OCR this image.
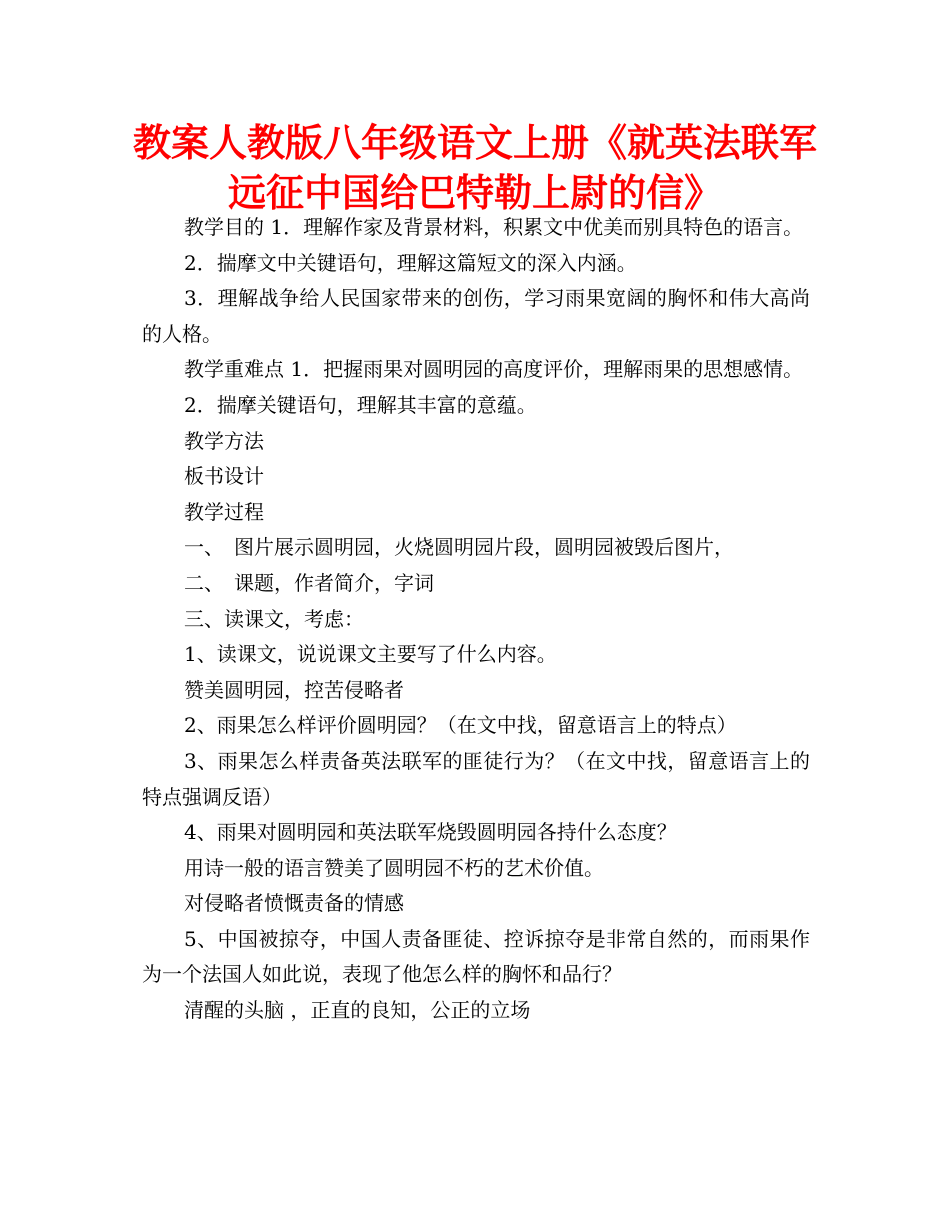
教案人教版八年级语文上册《就英法联军
远征中国给巴特勒上尉的信》

教学目的 1．理解作家及背景材料，积累文中优美而别具特色的语言。

2．揣摩文中关键语句，理解这篇短文的深入内涵。

3．理解战争给人民国家带来的创伤，学习雨果宽阔的胸怀和伟大高尚的人格。

教学重难点 1．把握雨果对圆明园的高度评价，理解雨果的思想感情。

2．揣摩关键语句，理解其丰富的意蕴。

教学方法

板书设计

教学过程

一、　图片展示圆明园，火烧圆明园片段，圆明园被毁后图片，

二、　课题，作者简介，字词

三、读课文，考虑：

1、读课文，说说课文主要写了什么内容。

赞美圆明园，控苦侵略者

2、雨果怎么样评价圆明园？（在文中找，留意语言上的特点）

3、雨果怎么样责备英法联军的匪徒行为？（在文中找，留意语言上的特点强调反语）

4、雨果对圆明园和英法联军烧毁圆明园各持什么态度？

用诗一般的语言赞美了圆明园不朽的艺术价值。

对侵略者愤慨责备的情感

5、中国被掠夺，中国人责备匪徒、控诉掠夺是非常自然的，而雨果作为一个法国人如此说，表现了他怎么样的胸怀和品行？

清醒的头脑 ，正直的良知，公正的立场
